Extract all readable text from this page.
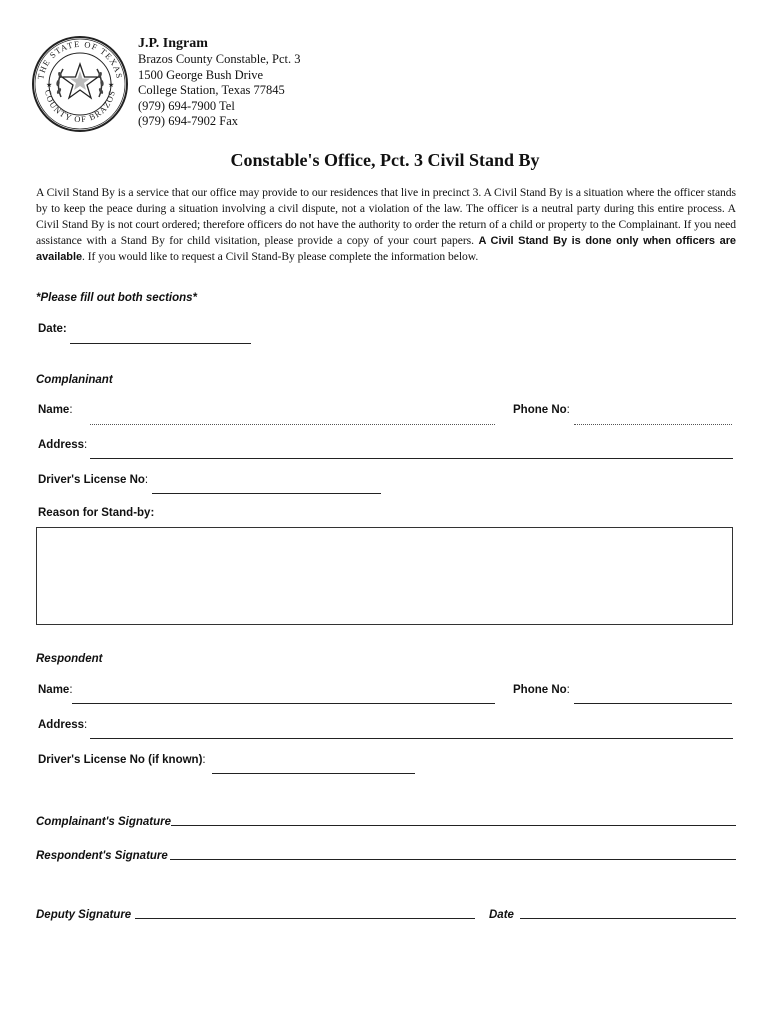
THE STATE OF TEXAS
COUNTY OF BRAZOS
★	★
J.P. Ingram
Brazos County Constable, Pct. 3
1500 George Bush Drive
College Station, Texas 77845
(979) 694-7900 Tel
(979) 694-7902 Fax
Constable's Office, Pct. 3 Civil Stand By
A Civil Stand By is a service that our office may provide to our residences that live in precinct 3. A Civil Stand By is a situation where the officer stands by to keep the peace during a situation involving a civil dispute, not a violation of the law. The officer is a neutral party during this entire process. A Civil Stand By is not court ordered; therefore officers do not have the authority to order the return of a child or property to the Complainant. If you need assistance with a Stand By for child visitation, please provide a copy of your court papers. A Civil Stand By is done only when officers are available. If you would like to request a Civil Stand-By please complete the information below.
*Please fill out both sections*
Date:
Complaninant
Name:	Phone No:
Address:
Driver's License No:
Reason for Stand-by:
Respondent
Name:	Phone No:
Address:
Driver's License No (if known):
Complainant's Signature
Respondent's Signature
Deputy Signature	Date
